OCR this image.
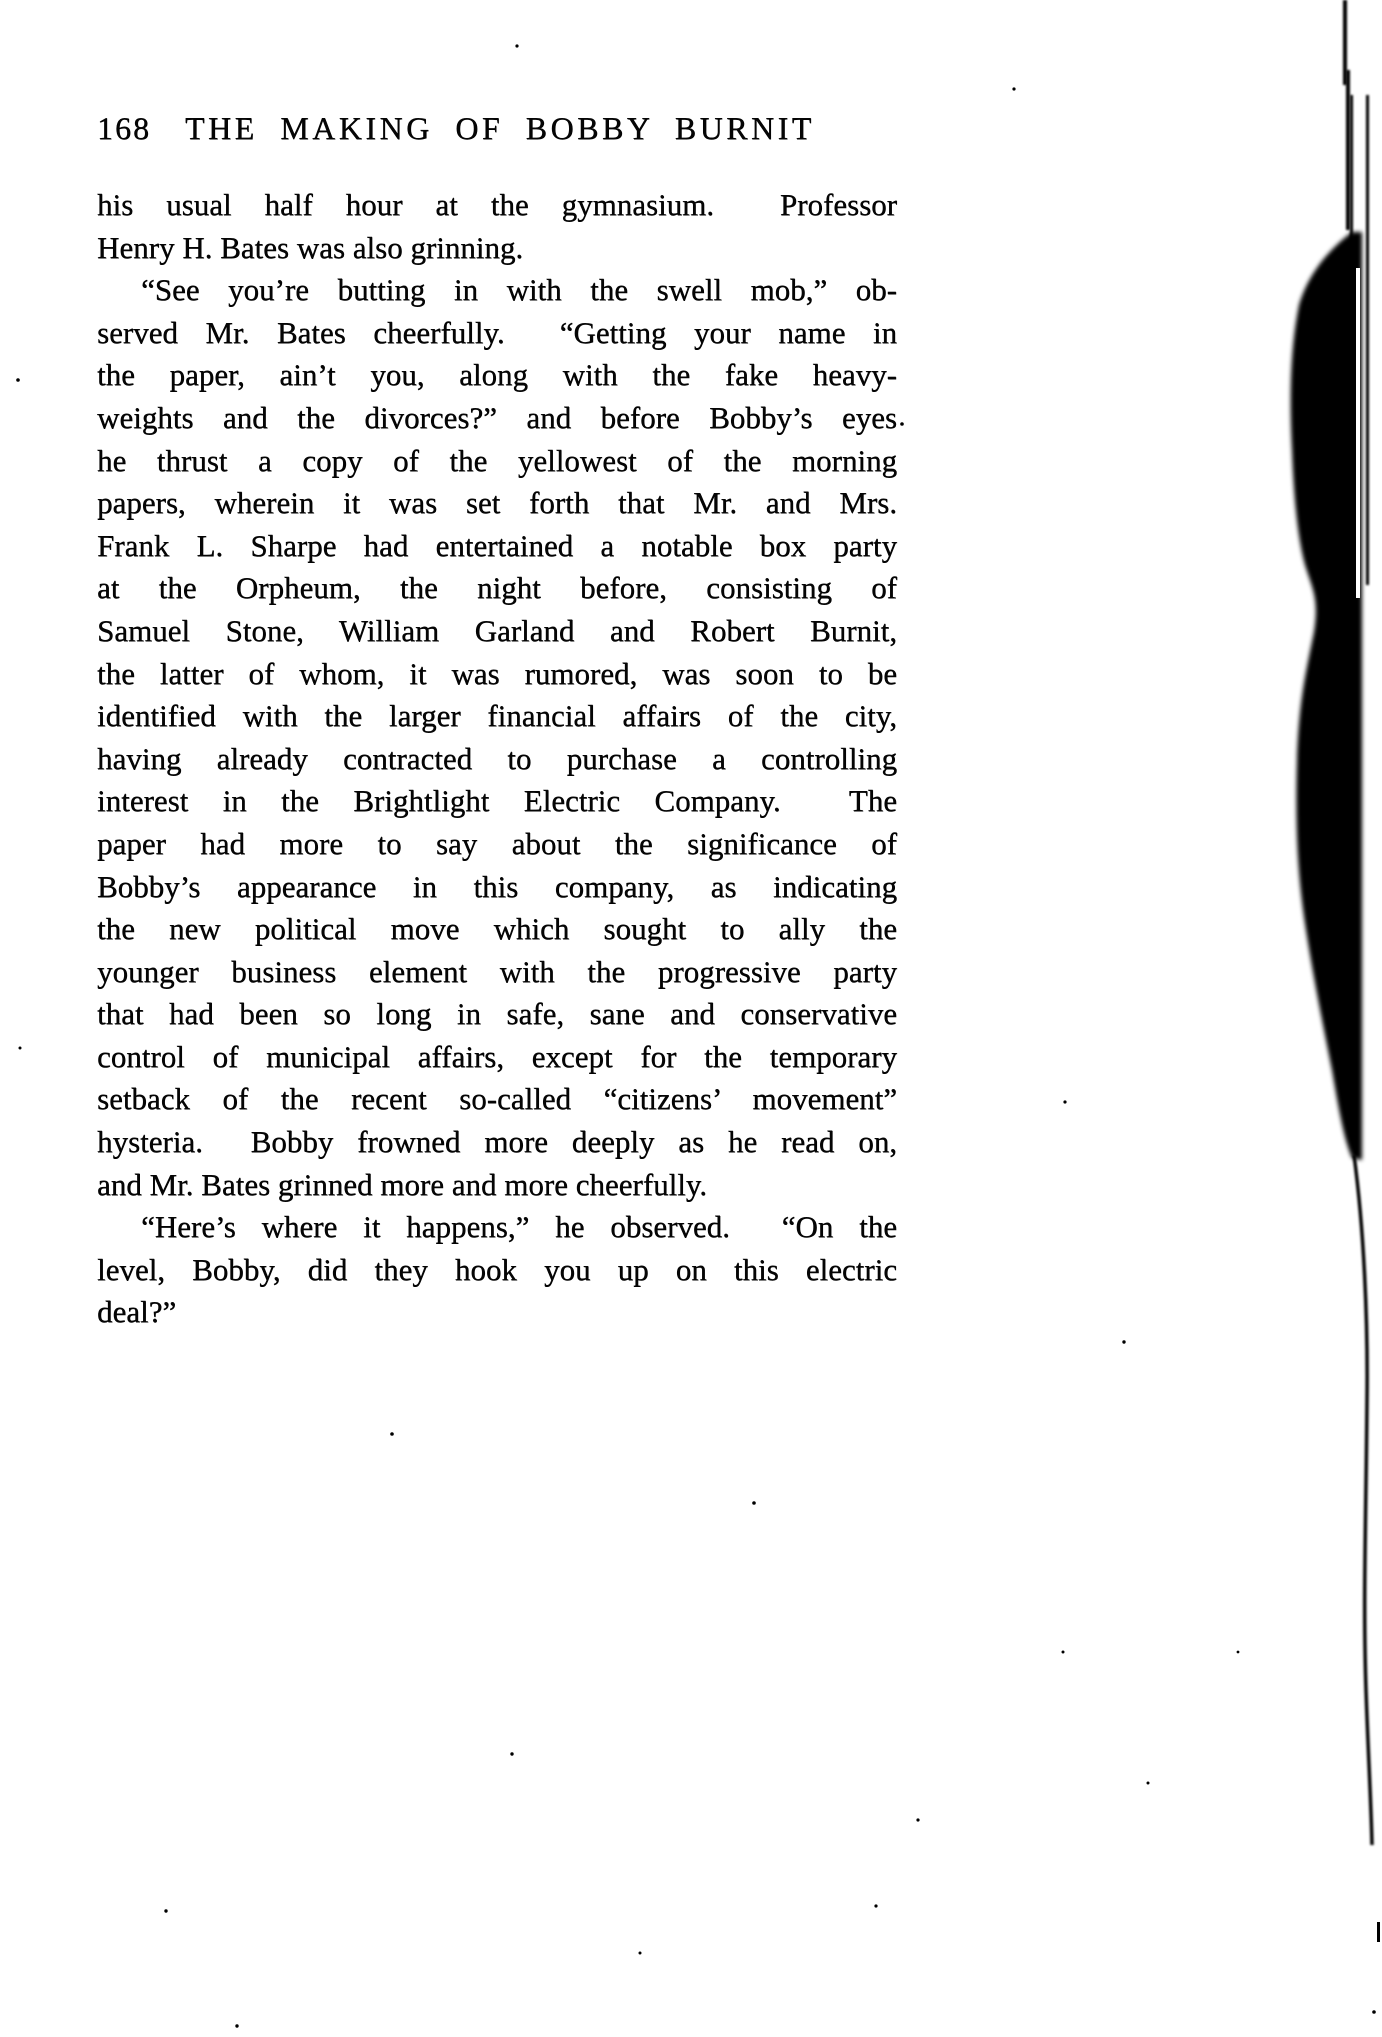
168 THE MAKING OF BOBBY BURNIT
his usual half hour at the gymnasium.  Professor
Henry H. Bates was also grinning.
“See you’re butting in with the swell mob,” ob-
served Mr. Bates cheerfully.  “Getting your name in
the paper, ain’t you, along with the fake heavy-
weights and the divorces?” and before Bobby’s eyes
he thrust a copy of the yellowest of the morning
papers, wherein it was set forth that Mr. and Mrs.
Frank L. Sharpe had entertained a notable box party
at the Orpheum, the night before, consisting of
Samuel Stone, William Garland and Robert Burnit,
the latter of whom, it was rumored, was soon to be
identified with the larger financial affairs of the city,
having already contracted to purchase a controlling
interest in the Brightlight Electric Company.  The
paper had more to say about the significance of
Bobby’s appearance in this company, as indicating
the new political move which sought to ally the
younger business element with the progressive party
that had been so long in safe, sane and conservative
control of municipal affairs, except for the temporary
setback of the recent so-called “citizens’ movement”
hysteria.  Bobby frowned more deeply as he read on,
and Mr. Bates grinned more and more cheerfully.
“Here’s where it happens,” he observed.  “On the
level, Bobby, did they hook you up on this electric
deal?”
